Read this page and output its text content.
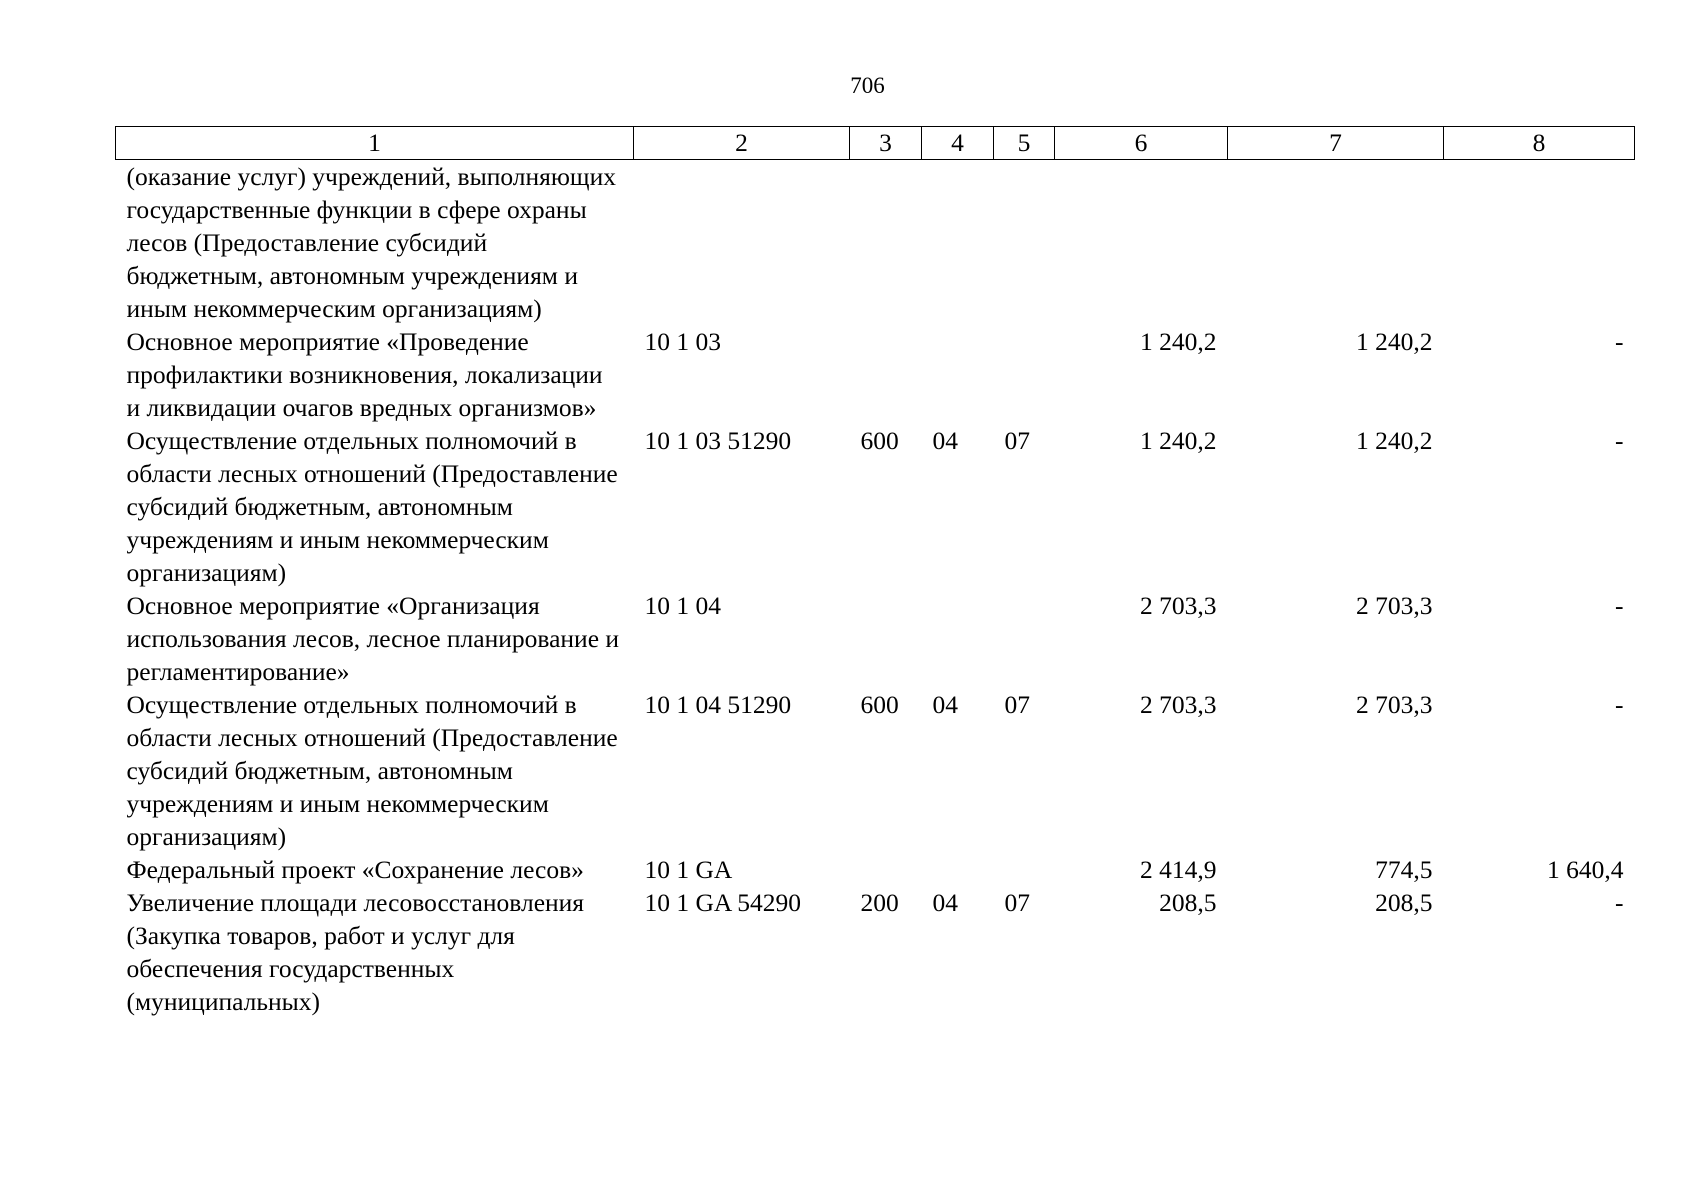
706
1	2	3	4	5	6	7	8
(оказание услуг) учреждений, выполняющих государственные функции в сфере охраны лесов (Предоставление субсидий бюджетным, автономным учреждениям и иным некоммерческим организациям)							
Основное мероприятие «Проведение профилактики возникновения, локализации и ликвидации очагов вредных организмов»	10 1 03				1 240,2	1 240,2	-
Осуществление отдельных полномочий в области лесных отношений (Предоставление субсидий бюджетным, автономным учреждениям и иным некоммерческим организациям)	10 1 03 51290	600	04	07	1 240,2	1 240,2	-
Основное мероприятие «Организация использования лесов, лесное планирование и регламентирование»	10 1 04				2 703,3	2 703,3	-
Осуществление отдельных полномочий в области лесных отношений (Предоставление субсидий бюджетным, автономным учреждениям и иным некоммерческим организациям)	10 1 04 51290	600	04	07	2 703,3	2 703,3	-
Федеральный проект «Сохранение лесов»	10 1 GA				2 414,9	774,5	1 640,4
Увеличение площади лесовосстановления (Закупка товаров, работ и услуг для обеспечения государственных (муниципальных)	10 1 GA 54290	200	04	07	208,5	208,5	-
